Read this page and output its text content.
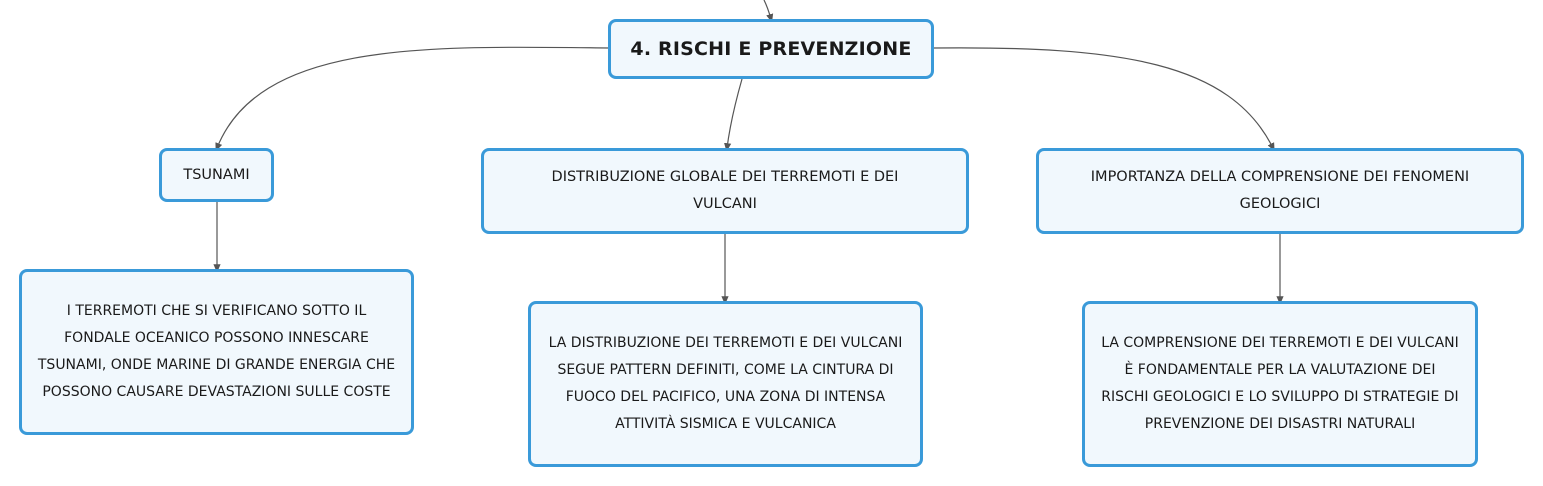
4. RISCHI E PREVENZIONE
TSUNAMI	DISTRIBUZIONE GLOBALE DEI TERREMOTI E DEI VULCANI
IMPORTANZA DELLA COMPRENSIONE DEI FENOMENI GEOLOGICI
I TERREMOTI CHE SI VERIFICANO SOTTO IL FONDALE OCEANICO POSSONO INNESCARE TSUNAMI, ONDE MARINE DI GRANDE ENERGIA CHE POSSONO CAUSARE DEVASTAZIONI SULLE COSTE
LA DISTRIBUZIONE DEI TERREMOTI E DEI VULCANI SEGUE PATTERN DEFINITI, COME LA CINTURA DI FUOCO DEL PACIFICO, UNA ZONA DI INTENSA ATTIVITÀ SISMICA E VULCANICA
LA COMPRENSIONE DEI TERREMOTI E DEI VULCANI È FONDAMENTALE PER LA VALUTAZIONE DEI RISCHI GEOLOGICI E LO SVILUPPO DI STRATEGIE DI PREVENZIONE DEI DISASTRI NATURALI
